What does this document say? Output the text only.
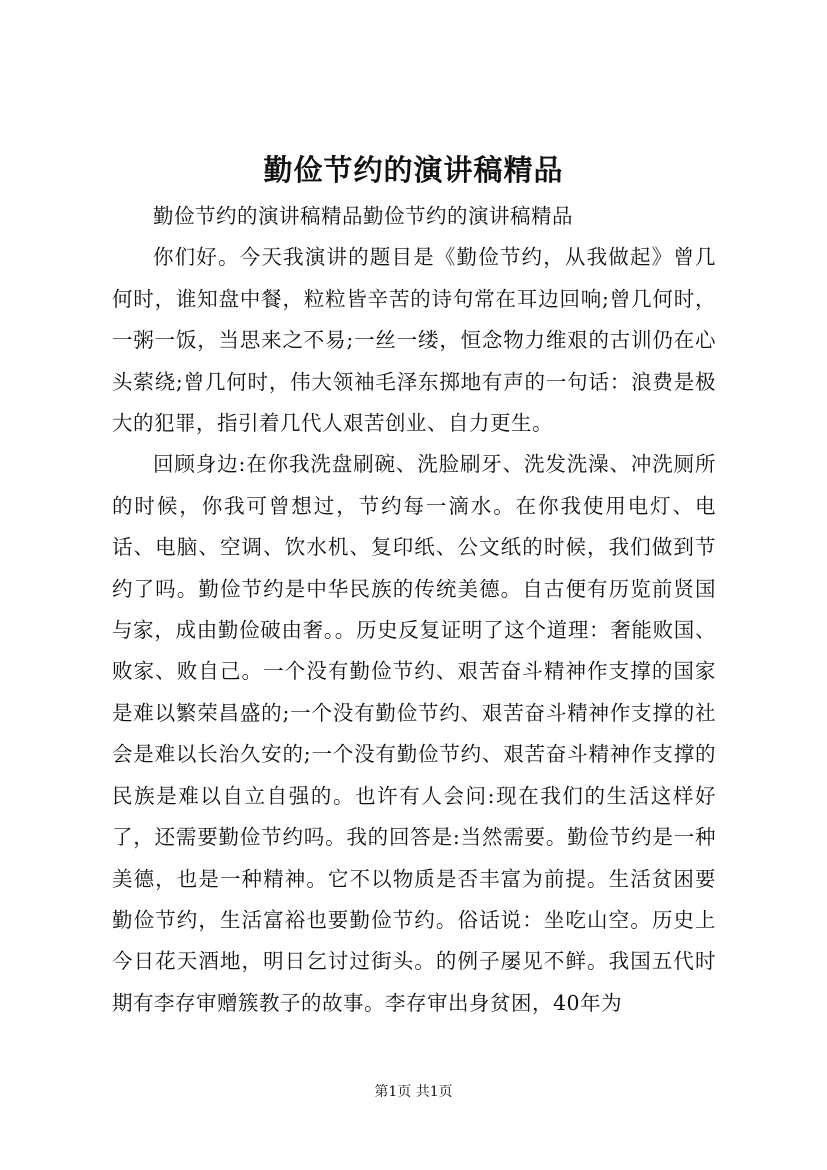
勤俭节约的演讲稿精品

勤俭节约的演讲稿精品勤俭节约的演讲稿精品

你们好。今天我演讲的题目是《勤俭节约，从我做起》曾几何时，谁知盘中餐，粒粒皆辛苦的诗句常在耳边回响;曾几何时，一粥一饭，当思来之不易;一丝一缕，恒念物力维艰的古训仍在心头萦绕;曾几何时，伟大领袖毛泽东掷地有声的一句话：浪费是极大的犯罪，指引着几代人艰苦创业、自力更生。

回顾身边:在你我洗盘刷碗、洗脸刷牙、洗发洗澡、冲洗厕所的时候，你我可曾想过，节约每一滴水。在你我使用电灯、电话、电脑、空调、饮水机、复印纸、公文纸的时候，我们做到节约了吗。勤俭节约是中华民族的传统美德。自古便有历览前贤国与家，成由勤俭破由奢。。历史反复证明了这个道理：奢能败国、败家、败自己。一个没有勤俭节约、艰苦奋斗精神作支撑的国家是难以繁荣昌盛的;一个没有勤俭节约、艰苦奋斗精神作支撑的社会是难以长治久安的;一个没有勤俭节约、艰苦奋斗精神作支撑的民族是难以自立自强的。也许有人会问:现在我们的生活这样好了，还需要勤俭节约吗。我的回答是:当然需要。勤俭节约是一种美德，也是一种精神。它不以物质是否丰富为前提。生活贫困要勤俭节约，生活富裕也要勤俭节约。俗话说：坐吃山空。历史上今日花天酒地，明日乞讨过街头。的例子屡见不鲜。我国五代时期有李存审赠簇教子的故事。李存审出身贫困，40年为

第1页 共1页
